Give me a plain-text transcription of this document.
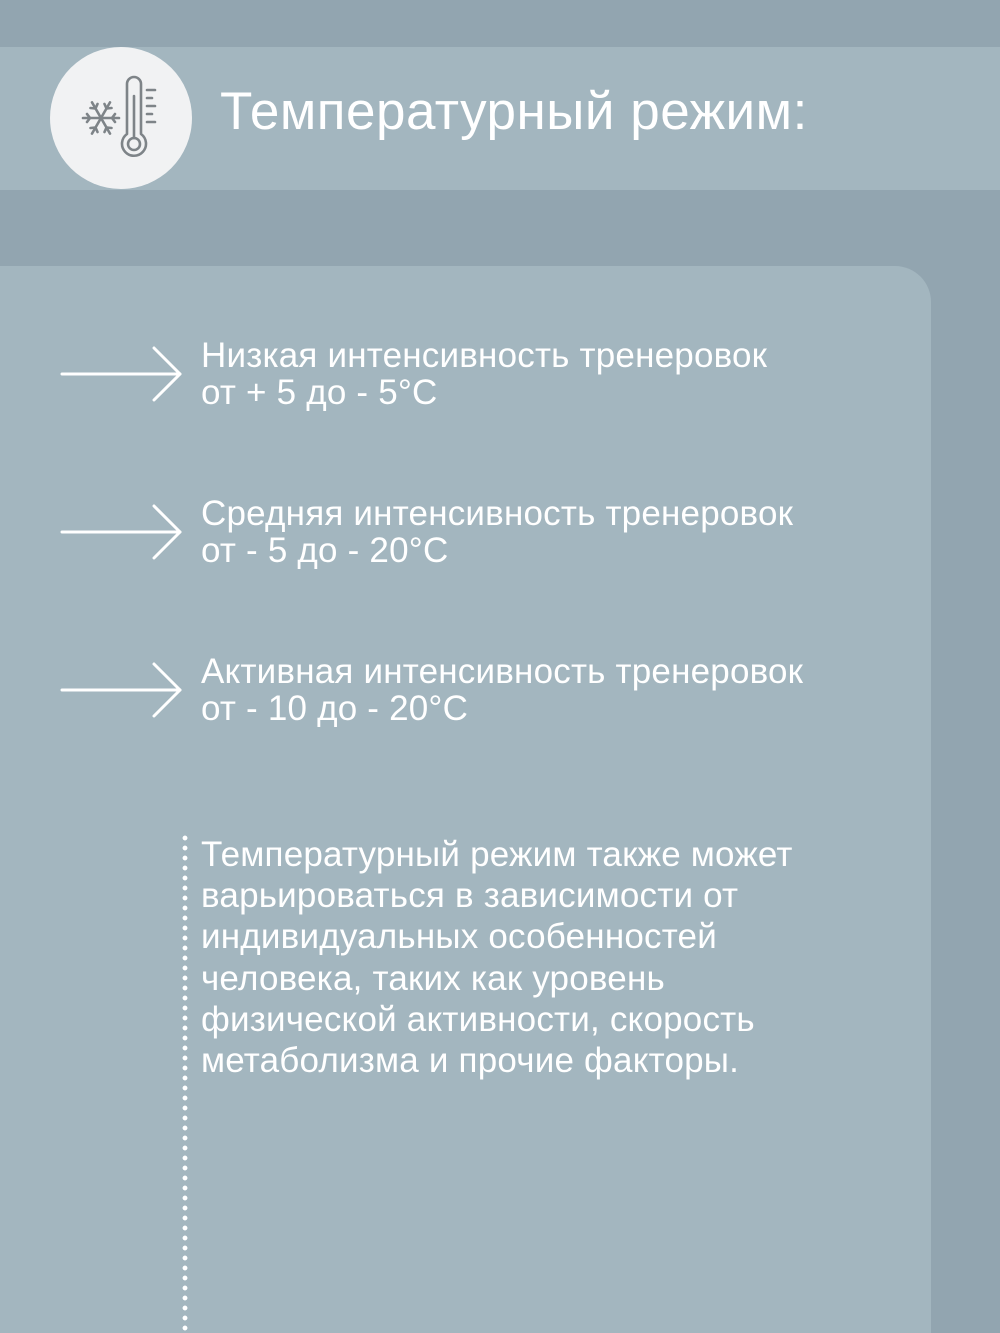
Температурный режим:
Низкая интенсивность тренеровок
от + 5 до - 5°C
Средняя интенсивность тренеровок
от - 5 до - 20°C
Активная интенсивность тренеровок
от - 10 до - 20°C
Температурный режим также может
варьироваться в зависимости от
индивидуальных особенностей
человека, таких как уровень
физической активности, скорость
метаболизма и прочие факторы.
